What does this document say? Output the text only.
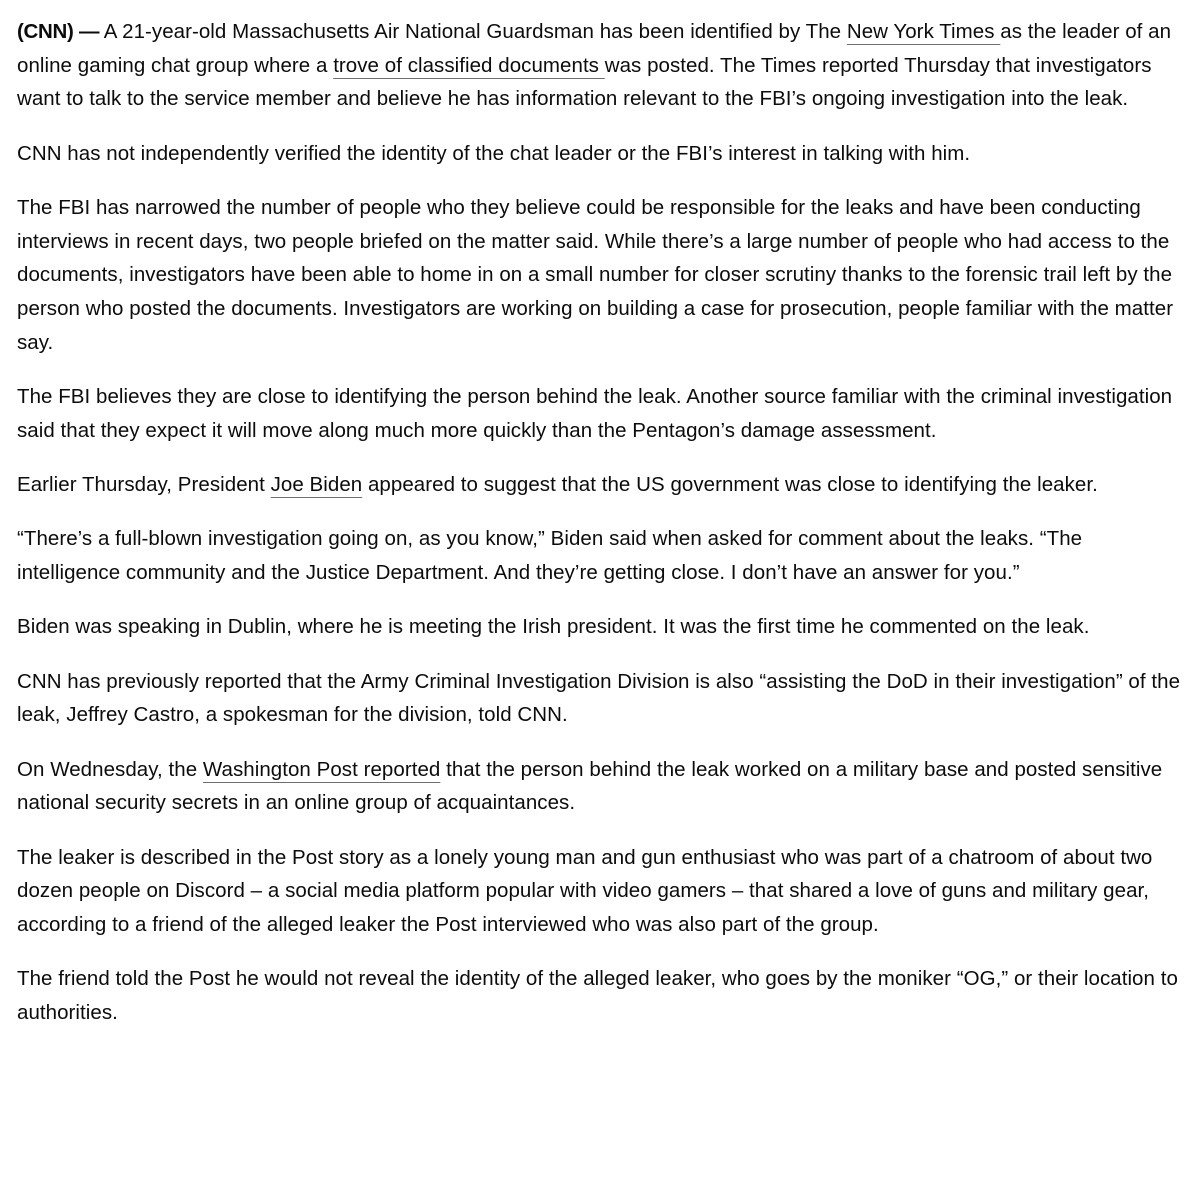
(CNN) — A 21-year-old Massachusetts Air National Guardsman has been identified by The New York Times as the leader of an online gaming chat group where a trove of classified documents was posted. The Times reported Thursday that investigators want to talk to the service member and believe he has information relevant to the FBI’s ongoing investigation into the leak.

CNN has not independently verified the identity of the chat leader or the FBI’s interest in talking with him.

The FBI has narrowed the number of people who they believe could be responsible for the leaks and have been conducting interviews in recent days, two people briefed on the matter said. While there’s a large number of people who had access to the documents, investigators have been able to home in on a small number for closer scrutiny thanks to the forensic trail left by the person who posted the documents. Investigators are working on building a case for prosecution, people familiar with the matter say.

The FBI believes they are close to identifying the person behind the leak. Another source familiar with the criminal investigation said that they expect it will move along much more quickly than the Pentagon’s damage assessment.

Earlier Thursday, President Joe Biden appeared to suggest that the US government was close to identifying the leaker.

“There’s a full-blown investigation going on, as you know,” Biden said when asked for comment about the leaks. “The intelligence community and the Justice Department. And they’re getting close. I don’t have an answer for you.”

Biden was speaking in Dublin, where he is meeting the Irish president. It was the first time he commented on the leak.

CNN has previously reported that the Army Criminal Investigation Division is also “assisting the DoD in their investigation” of the leak, Jeffrey Castro, a spokesman for the division, told CNN.

On Wednesday, the Washington Post reported that the person behind the leak worked on a military base and posted sensitive national security secrets in an online group of acquaintances.

The leaker is described in the Post story as a lonely young man and gun enthusiast who was part of a chatroom of about two dozen people on Discord – a social media platform popular with video gamers – that shared a love of guns and military gear, according to a friend of the alleged leaker the Post interviewed who was also part of the group.

The friend told the Post he would not reveal the identity of the alleged leaker, who goes by the moniker “OG,” or their location to authorities.
